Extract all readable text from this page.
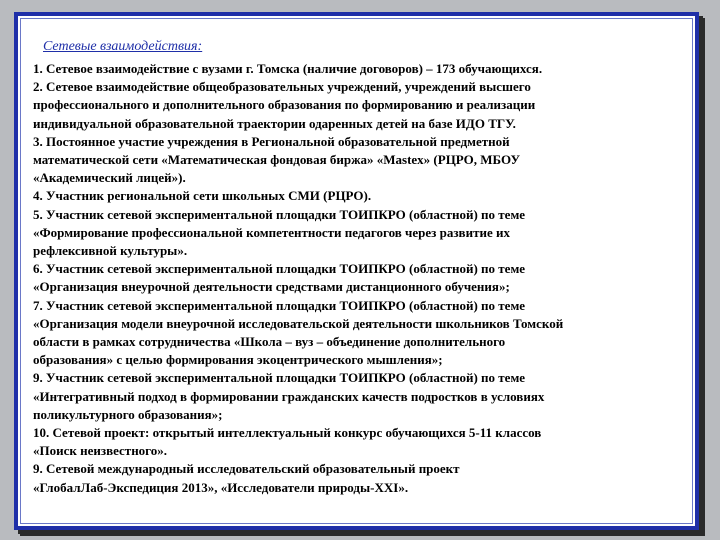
Сетевые взаимодействия:
1. Сетевое взаимодействие с вузами г. Томска (наличие договоров) – 173 обучающихся.
2. Сетевое взаимодействие общеобразовательных учреждений, учреждений высшего
профессионального и дополнительного образования по формированию и реализации
индивидуальной образовательной траектории одаренных детей на базе ИДО ТГУ.
3. Постоянное участие учреждения в Региональной образовательной предметной
математической сети «Математическая фондовая биржа» «Mastex» (РЦРО, МБОУ
«Академический лицей»).
4. Участник региональной сети школьных СМИ (РЦРО).
5. Участник сетевой экспериментальной площадки ТОИПКРО (областной) по теме
«Формирование профессиональной компетентности педагогов через развитие их
рефлексивной культуры».
6. Участник сетевой экспериментальной площадки ТОИПКРО (областной) по теме
«Организация внеурочной деятельности средствами дистанционного обучения»;
7. Участник сетевой экспериментальной площадки ТОИПКРО (областной) по теме
«Организация модели внеурочной исследовательской деятельности школьников Томской
области в рамках сотрудничества «Школа – вуз – объединение дополнительного
образования» с целью формирования экоцентрического мышления»;
9. Участник сетевой экспериментальной площадки ТОИПКРО (областной) по теме
«Интегративный подход в формировании гражданских качеств подростков в условиях
поликультурного образования»;
10. Сетевой проект: открытый интеллектуальный конкурс обучающихся 5-11 классов
«Поиск неизвестного».
9. Сетевой международный исследовательский образовательный проект
«ГлобалЛаб-Экспедиция 2013», «Исследователи природы-XXI».
